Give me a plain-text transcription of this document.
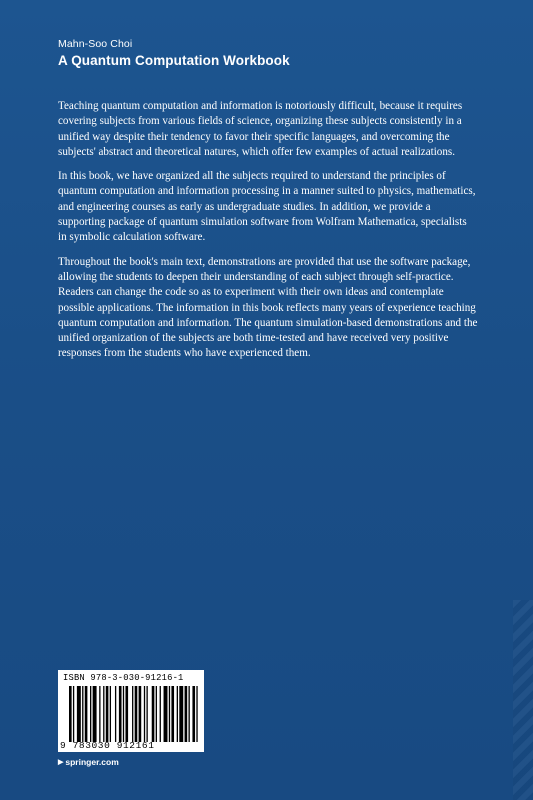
Mahn-Soo Choi
A Quantum Computation Workbook

Teaching quantum computation and information is notoriously difficult, because it requires covering subjects from various fields of science, organizing these subjects consistently in a unified way despite their tendency to favor their specific languages, and overcoming the subjects' abstract and theoretical natures, which offer few examples of actual realizations.

In this book, we have organized all the subjects required to understand the principles of quantum computation and information processing in a manner suited to physics, mathematics, and engineering courses as early as undergraduate studies. In addition, we provide a supporting package of quantum simulation software from Wolfram Mathematica, specialists in symbolic calculation software.

Throughout the book's main text, demonstrations are provided that use the software package, allowing the students to deepen their understanding of each subject through self-practice. Readers can change the code so as to experiment with their own ideas and contemplate possible applications. The information in this book reflects many years of experience teaching quantum computation and information. The quantum simulation-based demonstrations and the unified organization of the subjects are both time-tested and have received very positive responses from the students who have experienced them.

ISBN 978-3-030-91216-1
9 783030 912161
▶ springer.com
